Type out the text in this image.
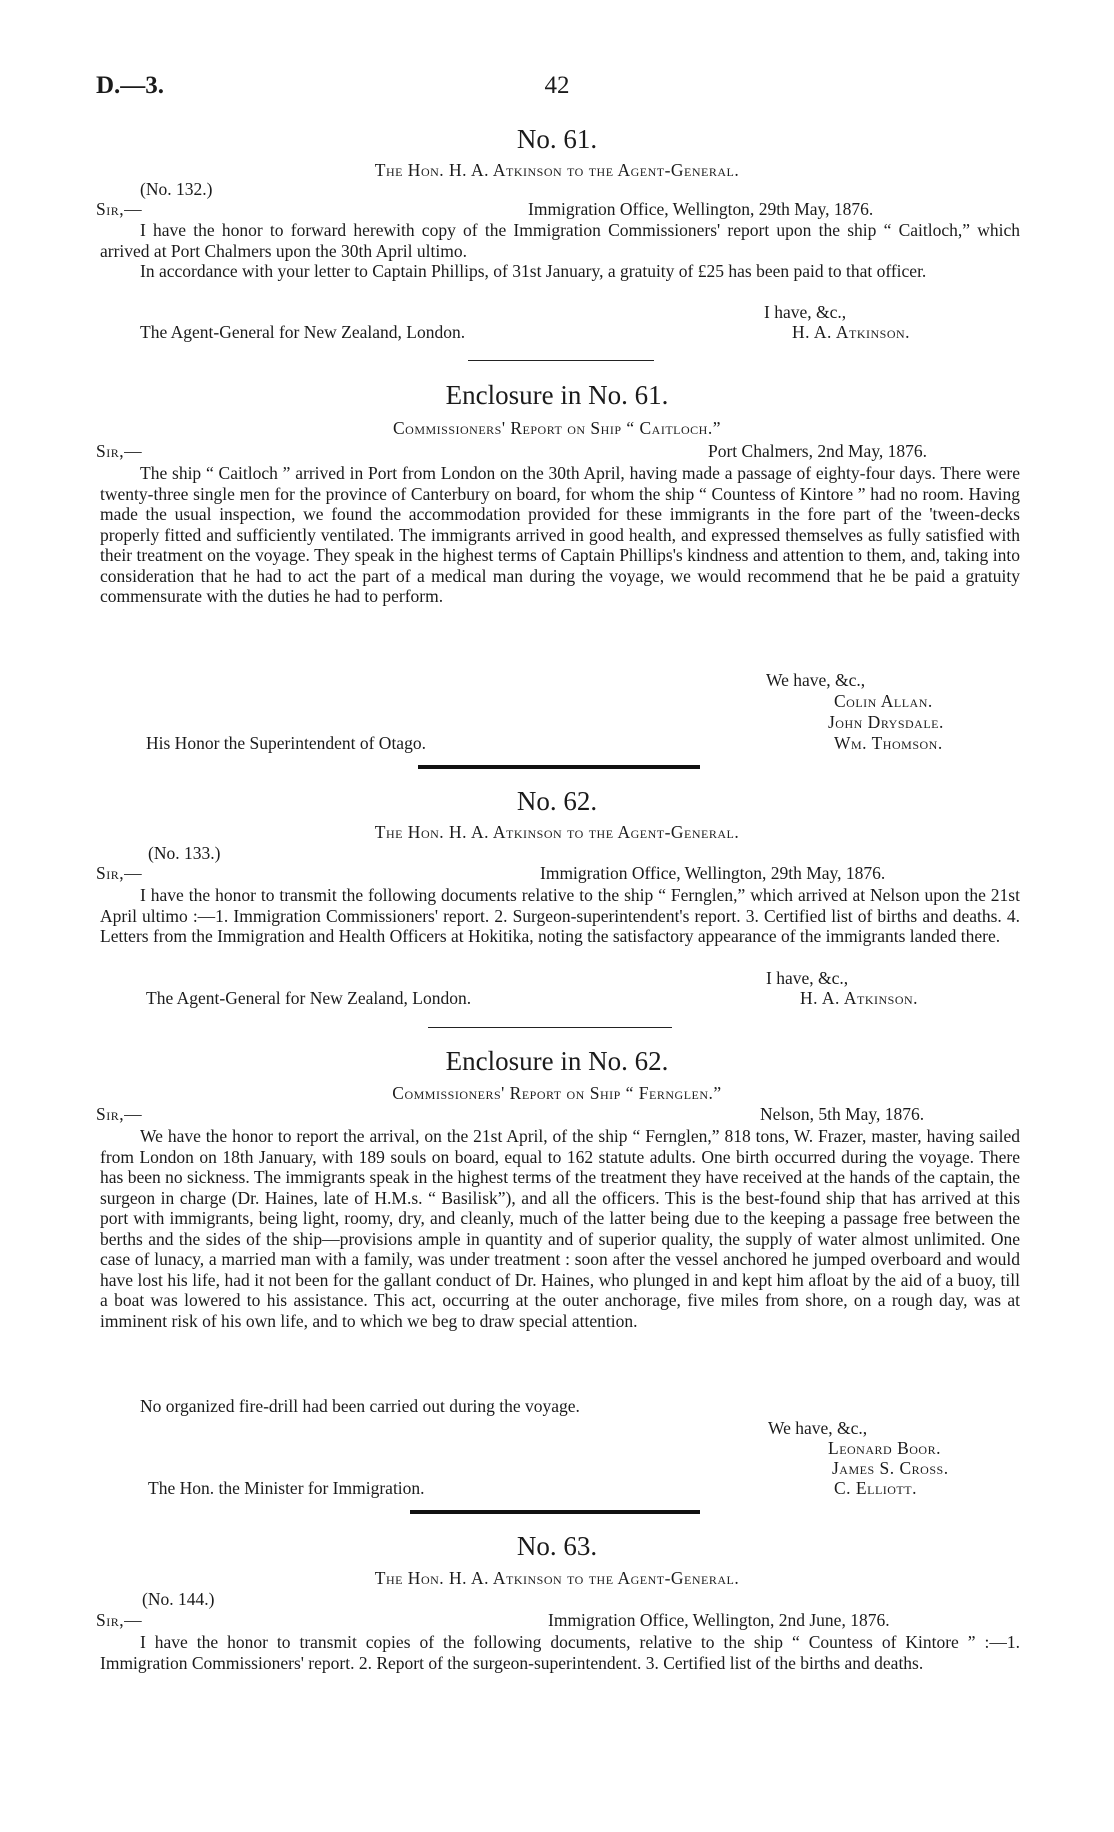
D.—3.	42
No. 61.
The Hon. H. A. Atkinson to the Agent-General.
(No. 132.)
Sir,—	Immigration Office, Wellington, 29th May, 1876.
I have the honor to forward herewith copy of the Immigration Commissioners' report upon the ship “ Caitloch,” which arrived at Port Chalmers upon the 30th April ultimo.
In accordance with your letter to Captain Phillips, of 31st January, a gratuity of £25 has been paid to that officer.
I have, &c.,
The Agent-General for New Zealand, London.	H. A. Atkinson.
Enclosure in No. 61.
Commissioners' Report on Ship “ Caitloch.”
Sir,—	Port Chalmers, 2nd May, 1876.
The ship “ Caitloch ” arrived in Port from London on the 30th April, having made a passage of eighty-four days. There were twenty-three single men for the province of Canterbury on board, for whom the ship “ Countess of Kintore ” had no room. Having made the usual inspection, we found the accommodation provided for these immigrants in the fore part of the 'tween-decks properly fitted and sufficiently ventilated. The immigrants arrived in good health, and expressed themselves as fully satisfied with their treatment on the voyage. They speak in the highest terms of Captain Phillips's kindness and attention to them, and, taking into consideration that he had to act the part of a medical man during the voyage, we would recommend that he be paid a gratuity commensurate with the duties he had to perform.
We have, &c.,
Colin Allan.
John Drysdale.
His Honor the Superintendent of Otago.	Wm. Thomson.
No. 62.
The Hon. H. A. Atkinson to the Agent-General.
(No. 133.)
Sir,—	Immigration Office, Wellington, 29th May, 1876.
I have the honor to transmit the following documents relative to the ship “ Fernglen,” which arrived at Nelson upon the 21st April ultimo :—1. Immigration Commissioners' report. 2. Surgeon-superintendent's report. 3. Certified list of births and deaths. 4. Letters from the Immigration and Health Officers at Hokitika, noting the satisfactory appearance of the immigrants landed there.
I have, &c.,
The Agent-General for New Zealand, London.	H. A. Atkinson.
Enclosure in No. 62.
Commissioners' Report on Ship “ Fernglen.”
Sir,—	Nelson, 5th May, 1876.
We have the honor to report the arrival, on the 21st April, of the ship “ Fernglen,” 818 tons, W. Frazer, master, having sailed from London on 18th January, with 189 souls on board, equal to 162 statute adults. One birth occurred during the voyage. There has been no sickness. The immigrants speak in the highest terms of the treatment they have received at the hands of the captain, the surgeon in charge (Dr. Haines, late of H.M.s. “ Basilisk”), and all the officers. This is the best-found ship that has arrived at this port with immigrants, being light, roomy, dry, and cleanly, much of the latter being due to the keeping a passage free between the berths and the sides of the ship—provisions ample in quantity and of superior quality, the supply of water almost unlimited. One case of lunacy, a married man with a family, was under treatment : soon after the vessel anchored he jumped overboard and would have lost his life, had it not been for the gallant conduct of Dr. Haines, who plunged in and kept him afloat by the aid of a buoy, till a boat was lowered to his assistance. This act, occurring at the outer anchorage, five miles from shore, on a rough day, was at imminent risk of his own life, and to which we beg to draw special attention.
No organized fire-drill had been carried out during the voyage.
We have, &c.,
Leonard Boor.
James S. Cross.
The Hon. the Minister for Immigration.	C. Elliott.
No. 63.
The Hon. H. A. Atkinson to the Agent-General.
(No. 144.)
Sir,—	Immigration Office, Wellington, 2nd June, 1876.
I have the honor to transmit copies of the following documents, relative to the ship “ Countess of Kintore ” :—1. Immigration Commissioners' report. 2. Report of the surgeon-superintendent. 3. Certified list of the births and deaths.
